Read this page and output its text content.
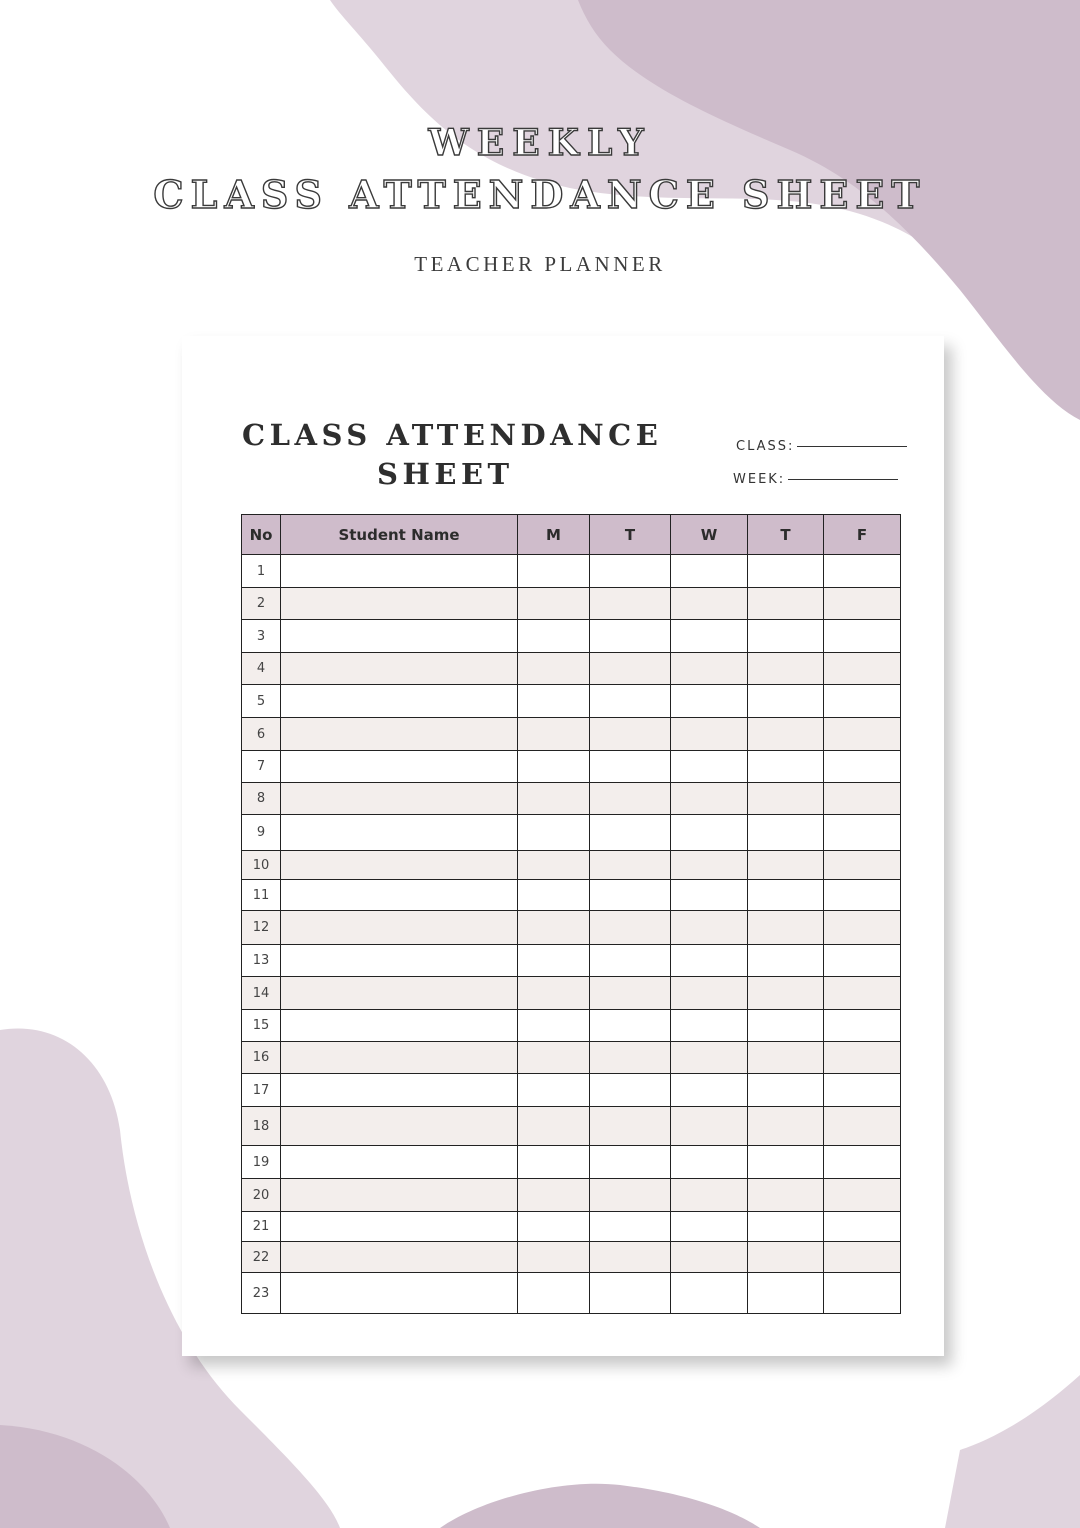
WEEKLY
CLASS ATTENDANCE SHEET
TEACHER PLANNER
CLASS ATTENDANCE
SHEET
CLASS:
WEEK:
No	Student Name	M	T	W	T	F
1						
2						
3						
4						
5						
6						
7						
8						
9						
10						
11						
12						
13						
14						
15						
16						
17						
18						
19						
20						
21						
22						
23						
